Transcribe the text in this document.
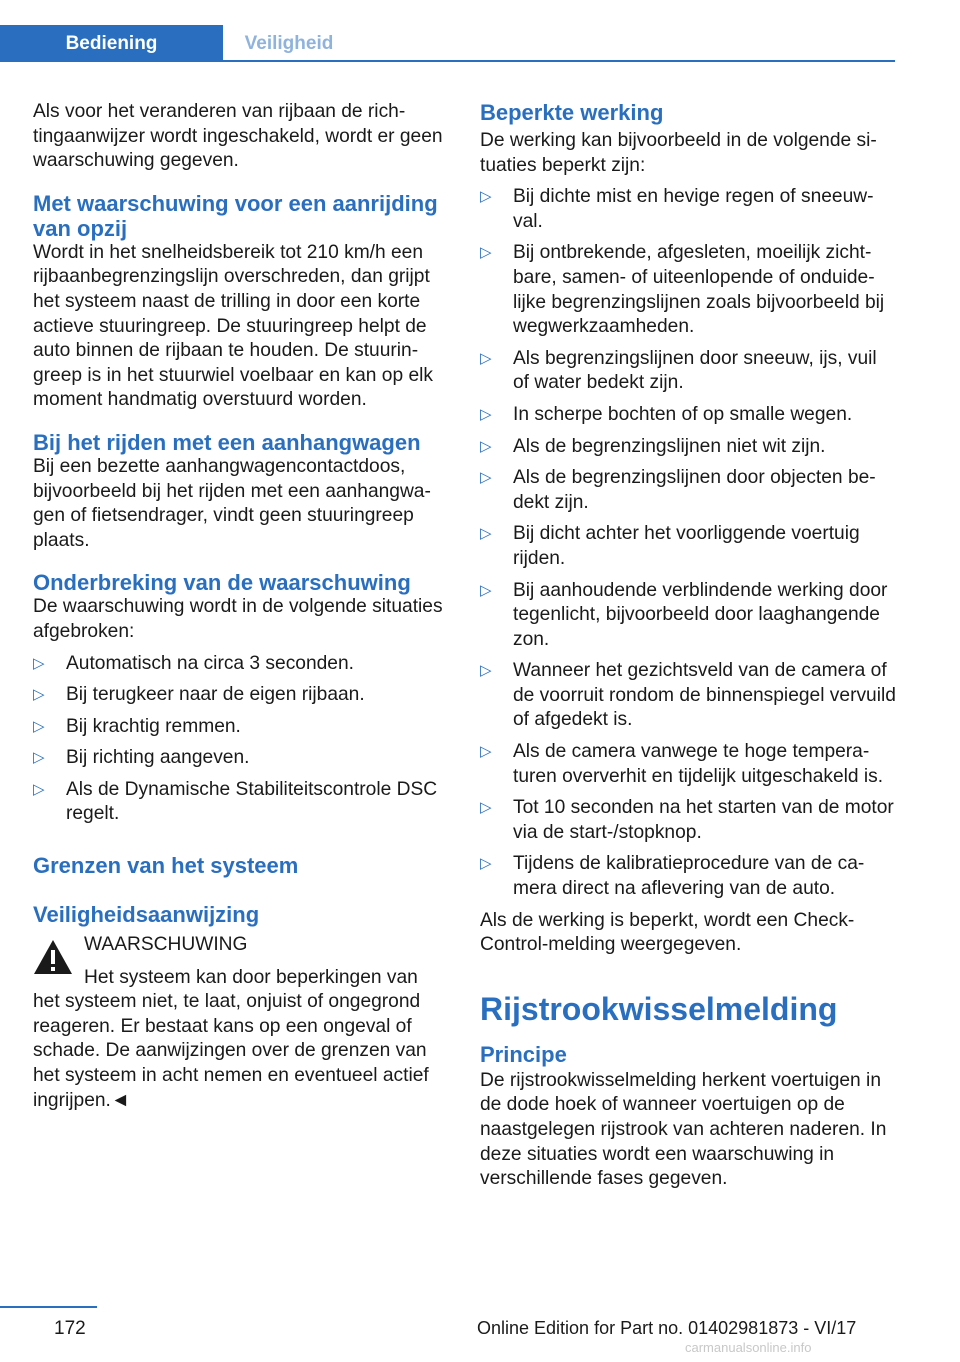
Bediening	Veiligheid

Als voor het veranderen van rijbaan de richtingaanwijzer wordt ingeschakeld, wordt er geen waarschuwing gegeven.

Met waarschuwing voor een aanrijding van opzij

Wordt in het snelheidsbereik tot 210 km/h een rijbaanbegrenzingslijn overschreden, dan grijpt het systeem naast de trilling in door een korte actieve stuuringreep. De stuuringreep helpt de auto binnen de rijbaan te houden. De stuuringreep is in het stuurwiel voelbaar en kan op elk moment handmatig overstuurd worden.

Bij het rijden met een aanhangwagen

Bij een bezette aanhangwagencontactdoos, bijvoorbeeld bij het rijden met een aanhangwagen of fietsendrager, vindt geen stuuringreep plaats.

Onderbreking van de waarschuwing

De waarschuwing wordt in de volgende situaties afgebroken:

▷
Automatisch na circa 3 seconden.
▷
Bij terugkeer naar de eigen rijbaan.
▷
Bij krachtig remmen.
▷
Bij richting aangeven.
▷
Als de Dynamische Stabiliteitscontrole DSC regelt.
Grenzen van het systeem
Veiligheidsaanwijzing

WAARSCHUWING

Het systeem kan door beperkingen van

het systeem niet, te laat, onjuist of ongegrond reageren. Er bestaat kans op een ongeval of schade. De aanwijzingen over de grenzen van het systeem in acht nemen en eventueel actief ingrijpen.◄

Beperkte werking

De werking kan bijvoorbeeld in de volgende situaties beperkt zijn:

▷
Bij dichte mist en hevige regen of sneeuwval.
▷
Bij ontbrekende, afgesleten, moeilijk zichtbare, samen- of uiteenlopende of onduidelijke begrenzingslijnen zoals bijvoorbeeld bij wegwerkzaamheden.
▷
Als begrenzingslijnen door sneeuw, ijs, vuil of water bedekt zijn.
▷
In scherpe bochten of op smalle wegen.
▷
Als de begrenzingslijnen niet wit zijn.
▷
Als de begrenzingslijnen door objecten bedekt zijn.
▷
Bij dicht achter het voorliggende voertuig rijden.
▷
Bij aanhoudende verblindende werking door tegenlicht, bijvoorbeeld door laaghangende zon.
▷
Wanneer het gezichtsveld van de camera of de voorruit rondom de binnenspiegel vervuild of afgedekt is.
▷
Als de camera vanwege te hoge temperaturen oververhit en tijdelijk uitgeschakeld is.
▷
Tot 10 seconden na het starten van de motor via de start-/stopknop.
▷
Tijdens de kalibratieprocedure van de camera direct na aflevering van de auto.

Als de werking is beperkt, wordt een Check-Control-melding weergegeven.

Rijstrookwisselmelding
Principe

De rijstrookwisselmelding herkent voertuigen in de dode hoek of wanneer voertuigen op de naastgelegen rijstrook van achteren naderen. In deze situaties wordt een waarschuwing in verschillende fases gegeven.

172	Online Edition for Part no. 01402981873 - VI/17
carmanualsonline.info
